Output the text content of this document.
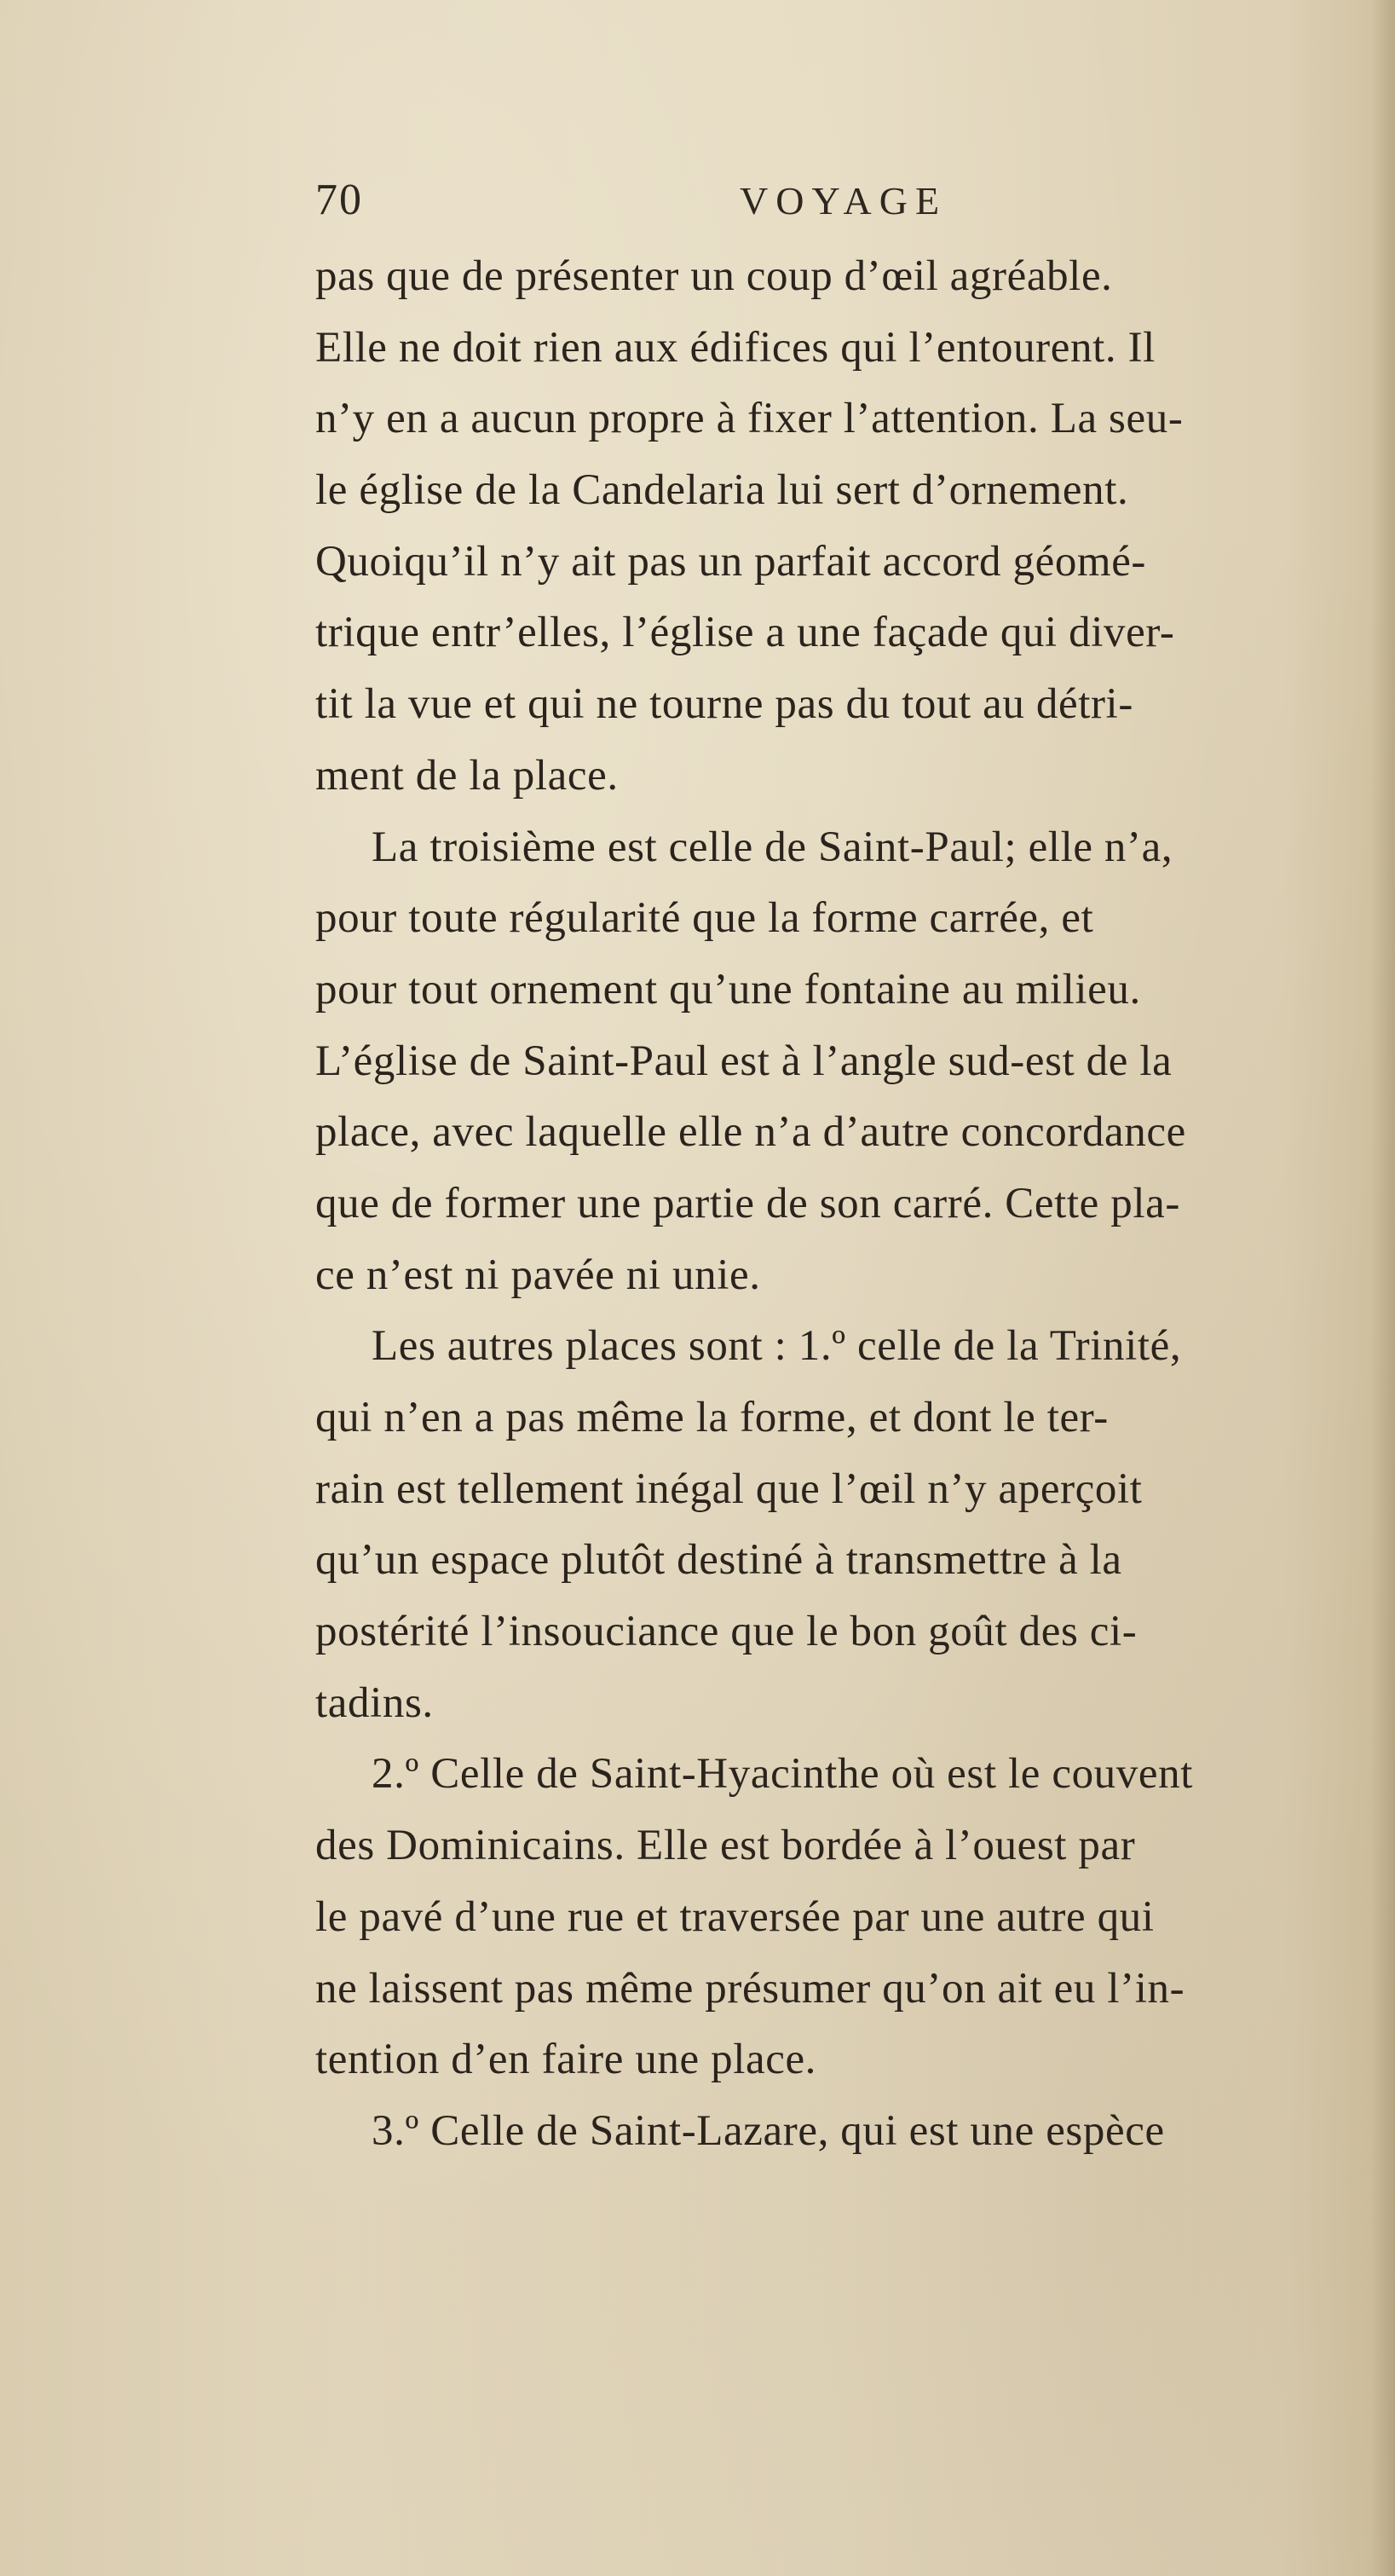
70	VOYAGE
pas que de présenter un coup d’œil agréable.
Elle ne doit rien aux édifices qui l’entourent. Il
n’y en a aucun propre à fixer l’attention. La seu-
le église de la Candelaria lui sert d’ornement.
Quoiqu’il n’y ait pas un parfait accord géomé-
trique entr’elles, l’église a une façade qui diver-
tit la vue et qui ne tourne pas du tout au détri-
ment de la place.
La troisième est celle de Saint-Paul; elle n’a,
pour toute régularité que la forme carrée, et
pour tout ornement qu’une fontaine au milieu.
L’église de Saint-Paul est à l’angle sud-est de la
place, avec laquelle elle n’a d’autre concordance
que de former une partie de son carré. Cette pla-
ce n’est ni pavée ni unie.
Les autres places sont : 1.º celle de la Trinité,
qui n’en a pas même la forme, et dont le ter-
rain est tellement inégal que l’œil n’y aperçoit
qu’un espace plutôt destiné à transmettre à la
postérité l’insouciance que le bon goût des ci-
tadins.
2.º Celle de Saint-Hyacinthe où est le couvent
des Dominicains. Elle est bordée à l’ouest par
le pavé d’une rue et traversée par une autre qui
ne laissent pas même présumer qu’on ait eu l’in-
tention d’en faire une place.
3.º Celle de Saint-Lazare, qui est une espèce
